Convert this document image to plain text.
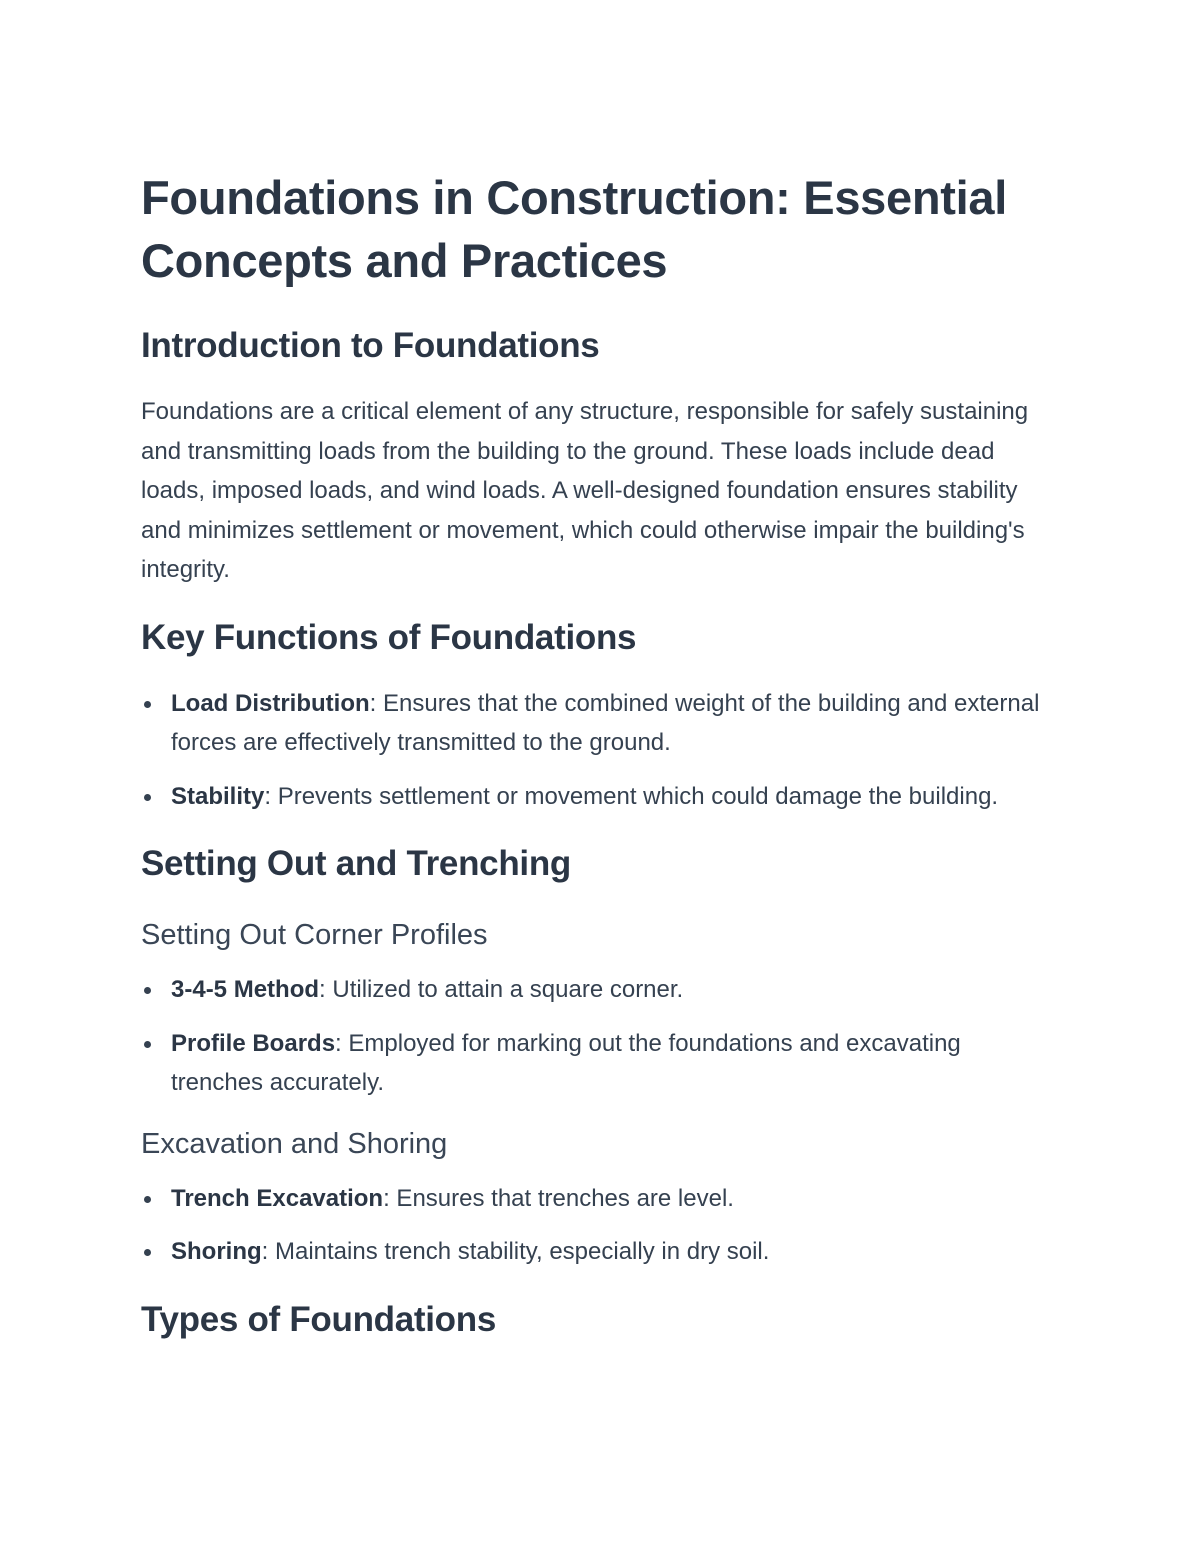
Foundations in Construction: Essential Concepts and Practices
Introduction to Foundations

Foundations are a critical element of any structure, responsible for safely sustaining and transmitting loads from the building to the ground. These loads include dead loads, imposed loads, and wind loads. A well-designed foundation ensures stability and minimizes settlement or movement, which could otherwise impair the building's integrity.

Key Functions of Foundations
Load Distribution: Ensures that the combined weight of the building and external forces are effectively transmitted to the ground.
Stability: Prevents settlement or movement which could damage the building.
Setting Out and Trenching
Setting Out Corner Profiles
3-4-5 Method: Utilized to attain a square corner.
Profile Boards: Employed for marking out the foundations and excavating trenches accurately.
Excavation and Shoring
Trench Excavation: Ensures that trenches are level.
Shoring: Maintains trench stability, especially in dry soil.
Types of Foundations
